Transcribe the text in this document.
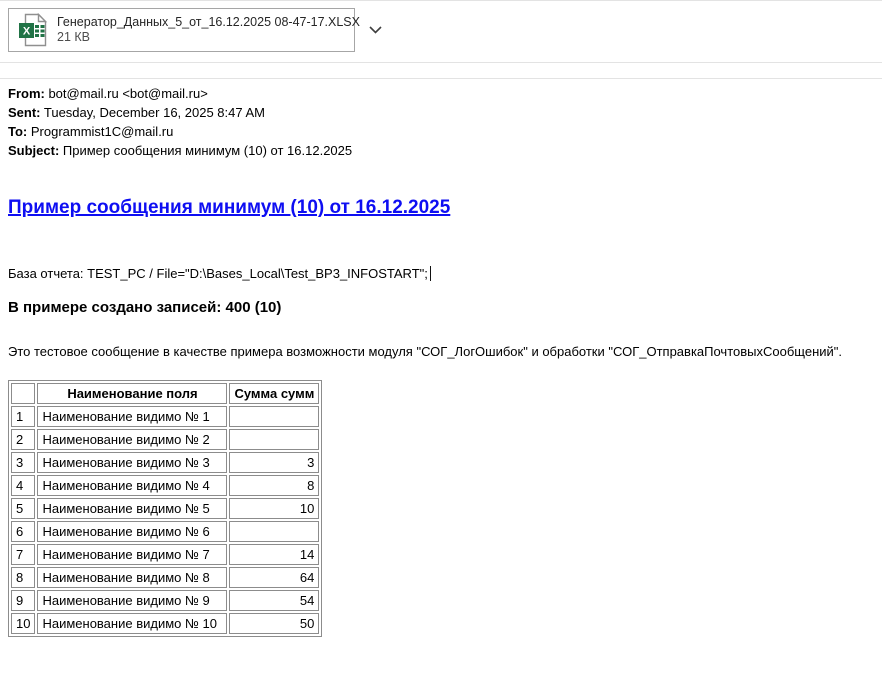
X
Генератор_Данных_5_от_16.12.2025 08-47-17.XLSX
21 КВ
From: bot@mail.ru <bot@mail.ru>
Sent: Tuesday, December 16, 2025 8:47 AM
To: Programmist1C@mail.ru
Subject: Пример сообщения минимум (10) от 16.12.2025
Пример сообщения минимум (10) от 16.12.2025
База отчета: TEST_PC / File="D:\Bases_Local\Test_BP3_INFOSTART";
В примере создано записей: 400 (10)
Это тестовое сообщение в качестве примера возможности модуля "СОГ_ЛогОшибок" и обработки "СОГ_ОтправкаПочтовыхСообщений".
	Наименование поля	Сумма сумм
1	Наименование видимо № 1	
2	Наименование видимо № 2	
3	Наименование видимо № 3	3
4	Наименование видимо № 4	8
5	Наименование видимо № 5	10
6	Наименование видимо № 6	
7	Наименование видимо № 7	14
8	Наименование видимо № 8	64
9	Наименование видимо № 9	54
10	Наименование видимо № 10	50
